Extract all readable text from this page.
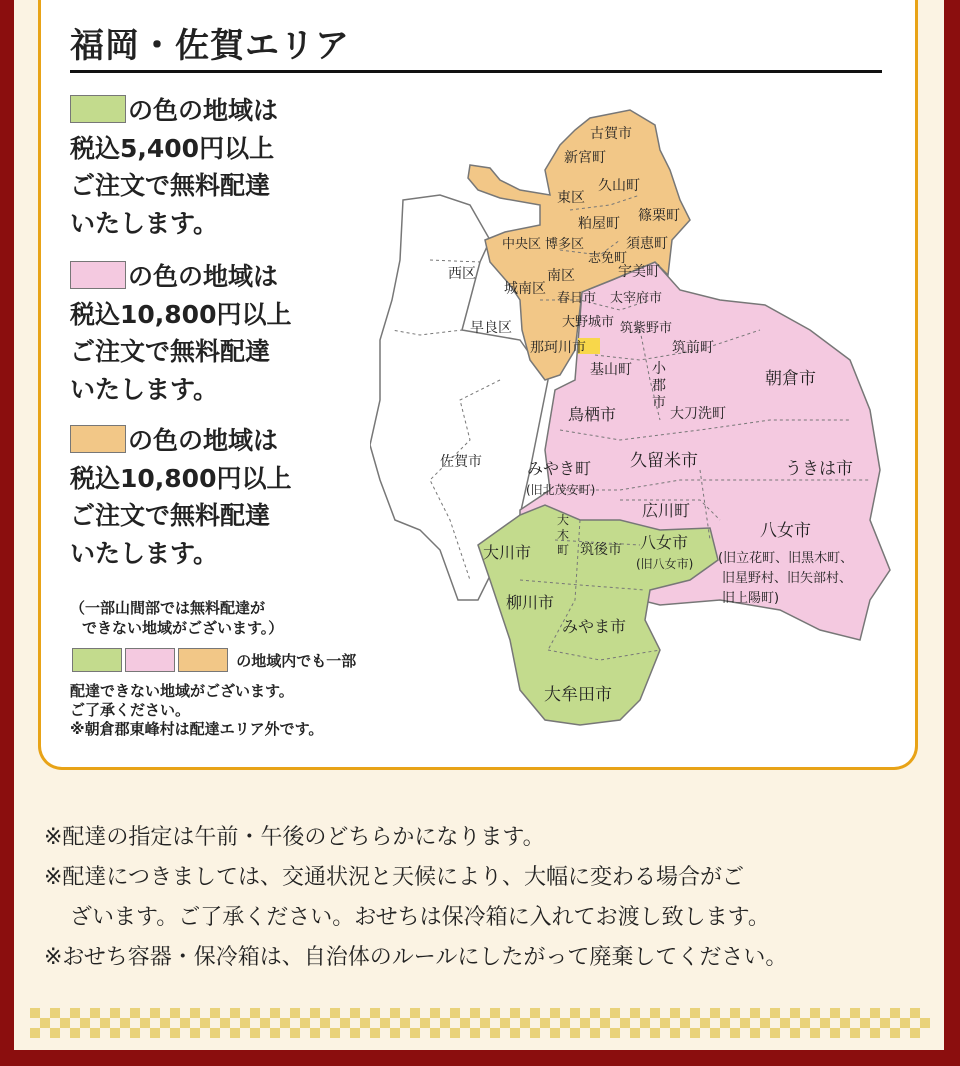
福岡・佐賀エリア
の色の地域は
税込5,400円以上
ご注文で無料配達
いたします。
の色の地域は
税込10,800円以上
ご注文で無料配達
いたします。
の色の地域は
税込10,800円以上
ご注文で無料配達
いたします。
（一部山間部では無料配達が
できない地域がございます。）
の地域内でも一部
配達できない地域がございます。
ご了承ください。
※朝倉郡東峰村は配達エリア外です。
古賀市
新宮町
東区
久山町
粕屋町 篠栗町
中央区 博多区	須恵町
志免町
西区	南区	宇美町
城南区
春日市 太宰府市
早良区	大野城市 筑紫野市
筑前町
那珂川市
基山町	朝倉市
小
郡
市
鳥栖市	大刀洗町
佐賀市	みやき町
(旧北茂安町)
久留米市	うきは市
広川町
大川市
大
木
町 筑後市 八女市
(旧八女市)
八女市
(旧立花町、旧黒木町、
旧星野村、旧矢部村、
旧上陽町)
柳川市
みやま市
大牟田市
※配達の指定は午前・午後のどちらかになります。
※配達につきましては、交通状況と天候により、大幅に変わる場合がご
ざいます。ご了承ください。おせちは保冷箱に入れてお渡し致します。
※おせち容器・保冷箱は、自治体のルールにしたがって廃棄してください。
